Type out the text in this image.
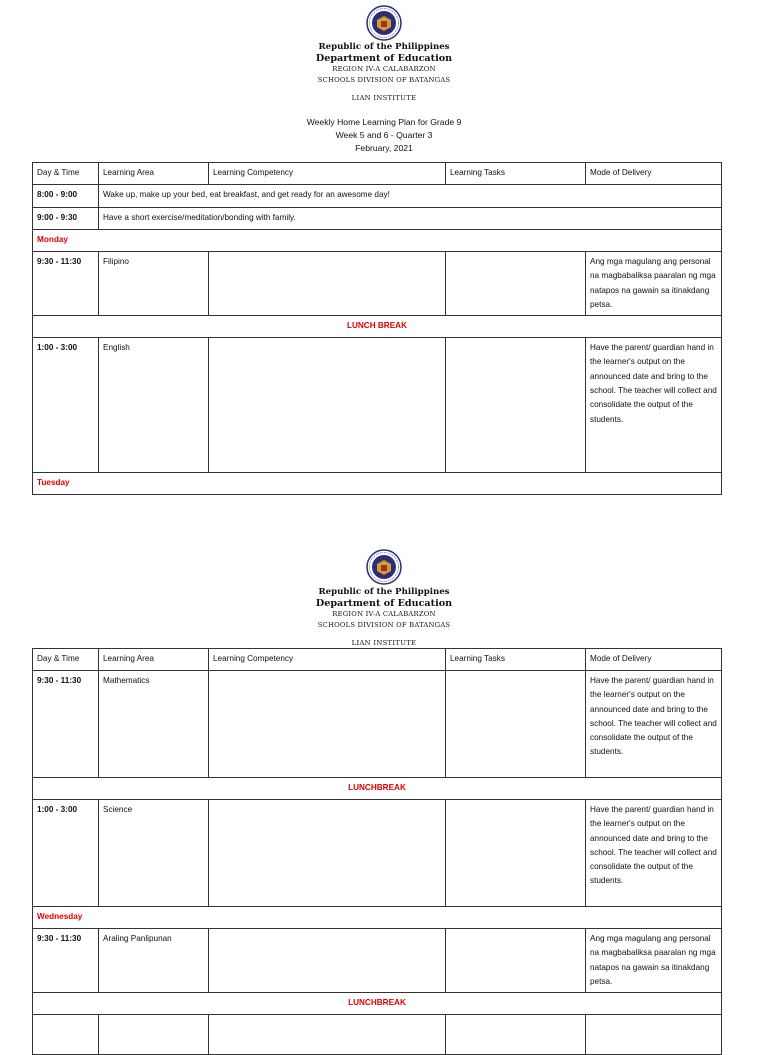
Republic of the Philippines
Department of Education
REGION IV-A CALABARZON
SCHOOLS DIVISION OF BATANGAS
LIAN INSTITUTE
Weekly Home Learning Plan for Grade 9
Week 5 and 6 - Quarter 3
February, 2021
Day & Time	Learning Area	Learning Competency	Learning Tasks	Mode of Delivery
8:00 - 9:00	Wake up, make up your bed, eat breakfast, and get ready for an awesome day!			
9:00 - 9:30	Have a short exercise/meditation/bonding with family.			
Monday				
9:30 - 11:30	Filipino			Ang mga magulang ang personal na magbabaliksa paaralan ng mga natapos na gawain sa itinakdang petsa.

LUNCH BREAK				
1:00 - 3:00	English			Have the parent/ guardian hand in the learner's output on the announced date and bring to the school. The teacher will collect and consolidate the output of the students.

Tuesday				
Republic of the Philippines
Department of Education
REGION IV-A CALABARZON
SCHOOLS DIVISION OF BATANGAS
LIAN INSTITUTE
Day & Time	Learning Area	Learning Competency	Learning Tasks	Mode of Delivery
9:30 - 11:30	Mathematics			Have the parent/ guardian hand in the learner's output on the announced date and bring to the school. The teacher will collect and consolidate the output of the students.

LUNCHBREAK				
1:00 - 3:00	Science			Have the parent/ guardian hand in the learner's output on the announced date and bring to the school. The teacher will collect and consolidate the output of the students.

Wednesday				
9:30 - 11:30	Araling Panlipunan			Ang mga magulang ang personal na magbabaliksa paaralan ng mga natapos na gawain sa itinakdang petsa.

LUNCHBREAK				
